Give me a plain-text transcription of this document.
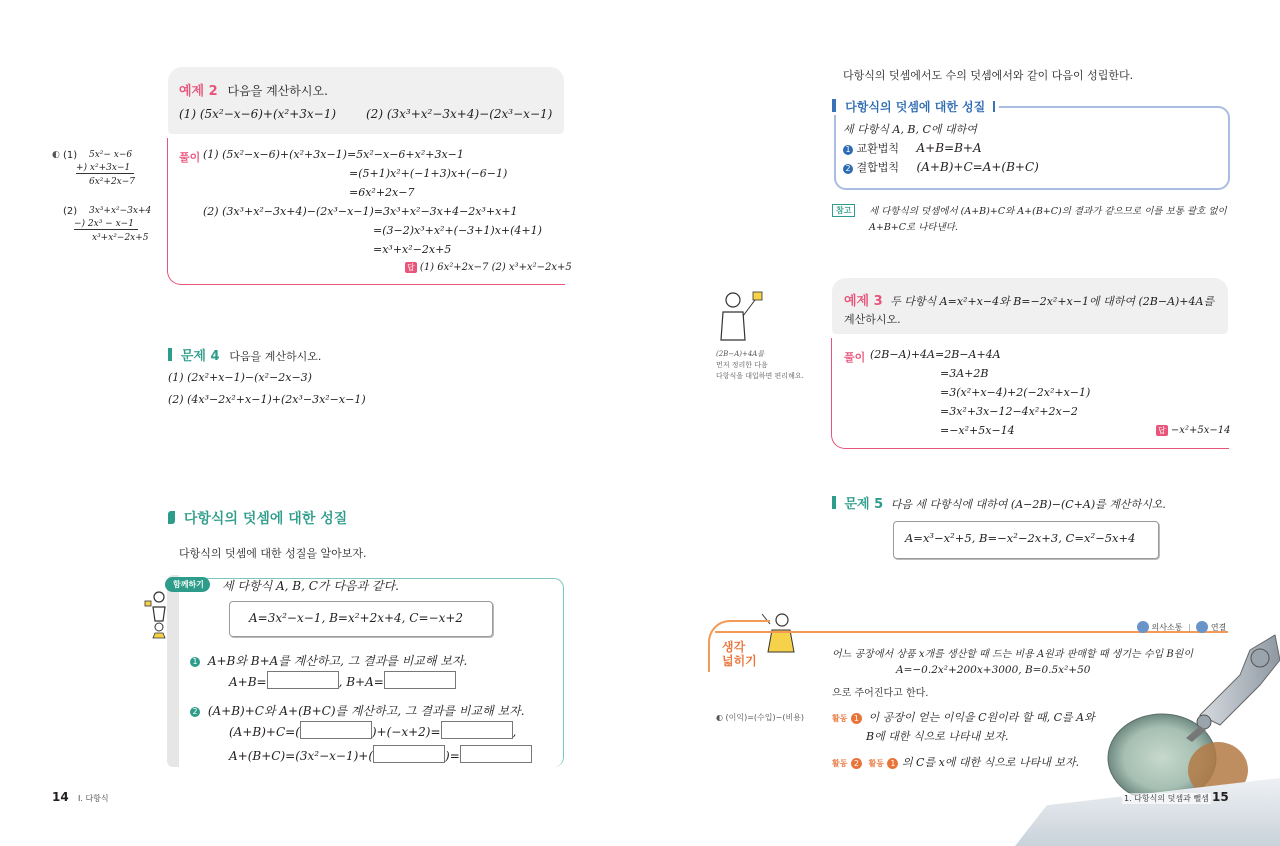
예제 2 다음을 계산하시오.
(1) (5x²−x−6)+(x²+3x−1) (2) (3x³+x²−3x+4)−(2x³−x−1)
풀이 (1) (5x²−x−6)+(x²+3x−1)=5x²−x−6+x²+3x−1
=(5+1)x²+(−1+3)x+(−6−1)
=6x²+2x−7
(2) (3x³+x²−3x+4)−(2x³−x−1)=3x³+x²−3x+4−2x³+x+1
=(3−2)x³+x²+(−3+1)x+(4+1)
=x³+x²−2x+5
답 (1) 6x²+2x−7 (2) x³+x²−2x+5
◐ (1) 5x²− x−6
+) x²+3x−1
6x²+2x−7
(2) 3x³+x²−3x+4
−) 2x³ − x−1
x³+x²−2x+5
문제 4 다음을 계산하시오.
(1) (2x²+x−1)−(x²−2x−3)
(2) (4x³−2x²+x−1)+(2x³−3x²−x−1)
다항식의 덧셈에 대한 성질
다항식의 덧셈에 대한 성질을 알아보자.
함께하기	세 다항식 A, B, C가 다음과 같다.
A=3x²−x−1, B=x²+2x+4, C=−x+2
1 A+B와 B+A를 계산하고, 그 결과를 비교해 보자.
A+B=	, B+A=
2 (A+B)+C와 A+(B+C)를 계산하고, 그 결과를 비교해 보자.
(A+B)+C=(	)+(−x+2)=	,
A+(B+C)=(3x²−x−1)+(	)=
14 Ⅰ. 다항식
다항식의 덧셈에서도 수의 덧셈에서와 같이 다음이 성립한다.
다항식의 덧셈에 대한 성질
세 다항식 A, B, C에 대하여
1 교환법칙 A+B=B+A
2 결합법칙 (A+B)+C=A+(B+C)
참고	세 다항식의 덧셈에서 (A+B)+C와 A+(B+C)의 결과가 같으므로 이를 보통 괄호 없이
A+B+C로 나타낸다.
(2B−A)+4A를
먼저 정리한 다음
다항식을 대입하면 편리해요.
예제 3 두 다항식 A=x²+x−4와 B=−2x²+x−1에 대하여 (2B−A)+4A를
계산하시오.
풀이 (2B−A)+4A=2B−A+4A
=3A+2B
=3(x²+x−4)+2(−2x²+x−1)
=3x²+3x−12−4x²+2x−2
=−x²+5x−14	답 −x²+5x−14
문제 5 다음 세 다항식에 대하여 (A−2B)−(C+A)를 계산하시오.
A=x³−x²+5, B=−x²−2x+3, C=x²−5x+4
생각
넓히기
의사소통 |	연결
어느 공장에서 상품 x개를 생산할 때 드는 비용 A원과 판매할 때 생기는 수입 B원이
A=−0.2x²+200x+3000, B=0.5x²+50
으로 주어진다고 한다.
◐ (이익)=(수입)−(비용)	활동 1 이 공장이 얻는 이익을 C원이라 할 때, C를 A와
B에 대한 식으로 나타내 보자.
활동 2 활동 1 의 C를 x에 대한 식으로 나타내 보자.
1. 다항식의 덧셈과 뺄셈 15
